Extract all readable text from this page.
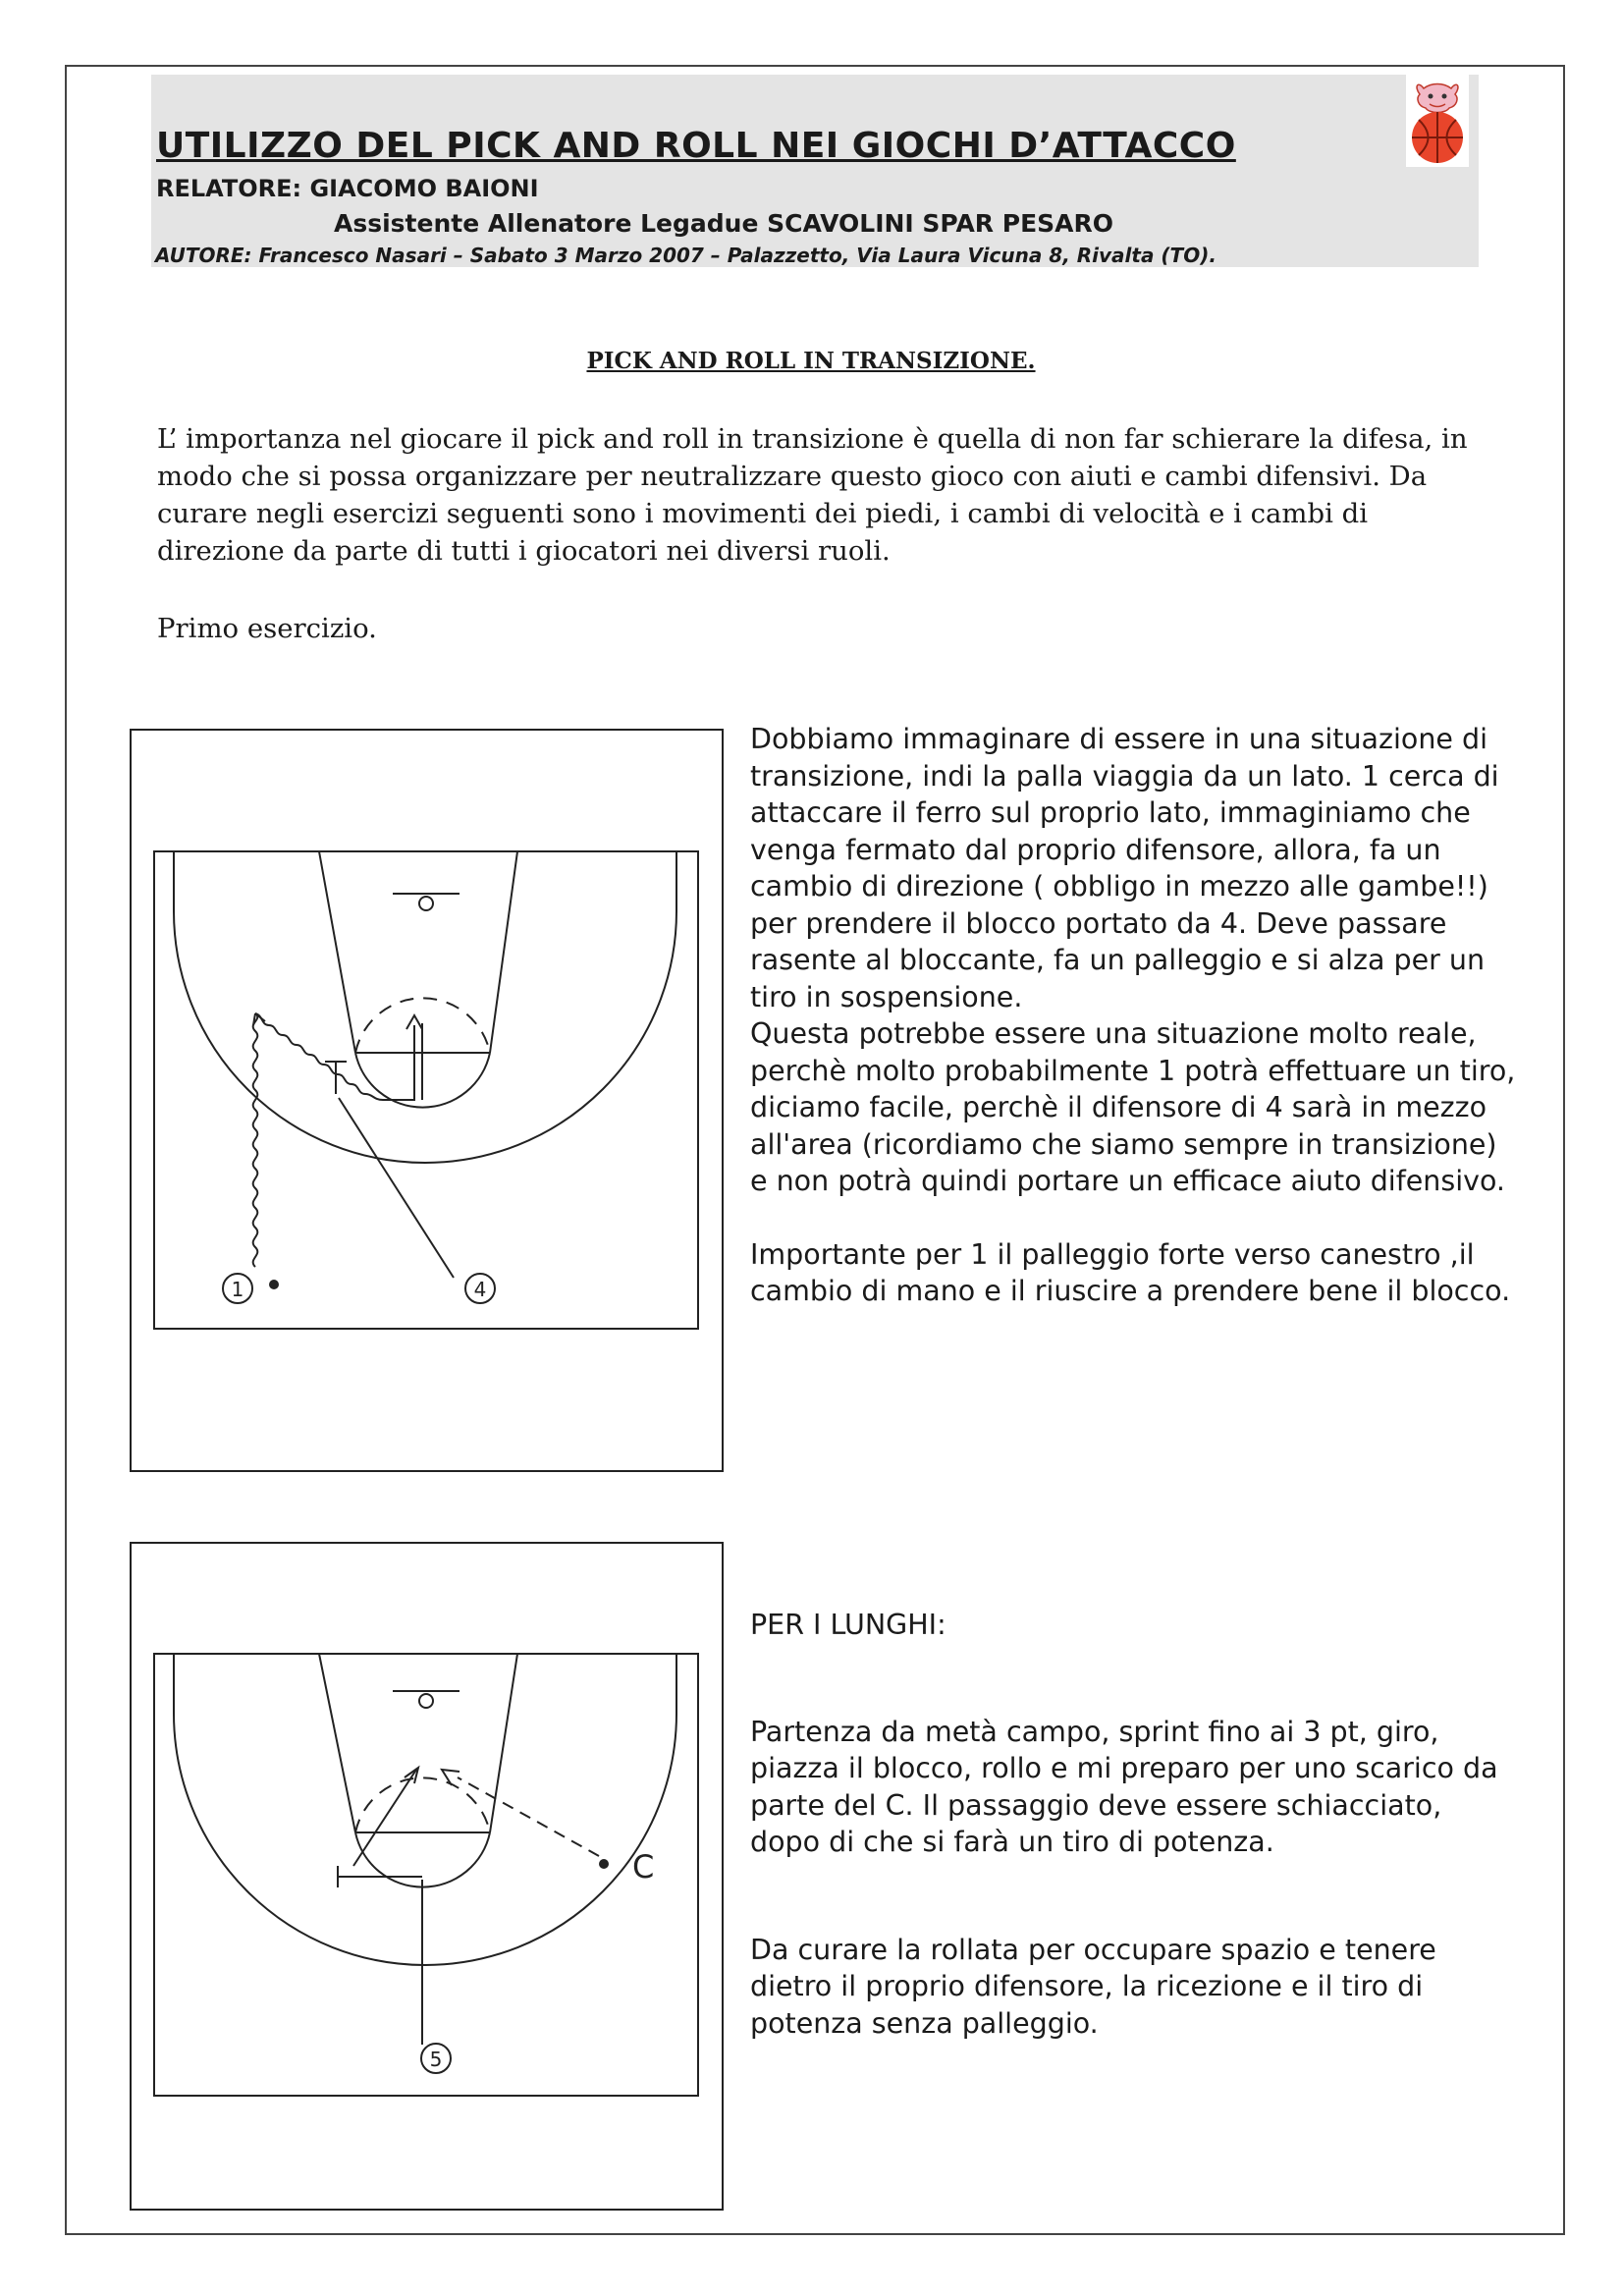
UTILIZZO DEL PICK AND ROLL NEI GIOCHI D’ATTACCO
RELATORE: GIACOMO BAIONI
Assistente Allenatore Legadue SCAVOLINI SPAR PESARO
AUTORE: Francesco Nasari – Sabato 3 Marzo 2007 – Palazzetto, Via Laura Vicuna 8, Rivalta (TO).
PICK AND ROLL IN TRANSIZIONE.

L’ importanza nel giocare il pick and roll in transizione è quella di non far schierare la difesa, in modo che si possa organizzare per neutralizzare questo gioco con aiuti e cambi difensivi. Da curare negli esercizi seguenti sono i movimenti dei piedi, i cambi di velocità e i cambi di direzione da parte di tutti i giocatori nei diversi ruoli.

Primo esercizio.

1	4

Dobbiamo immaginare di essere in una situazione di transizione, indi la palla viaggia da un lato. 1 cerca di attaccare il ferro sul proprio lato, immaginiamo che venga fermato dal proprio difensore, allora, fa un cambio di direzione ( obbligo in mezzo alle gambe!!) per prendere il blocco portato da 4. Deve passare rasente al bloccante, fa un palleggio e si alza per un tiro in sospensione.

Questa potrebbe essere una situazione molto reale, perchè molto probabilmente 1 potrà effettuare un tiro, diciamo facile, perchè il difensore di 4 sarà in mezzo all'area (ricordiamo che siamo sempre in transizione) e non potrà quindi portare un efficace aiuto difensivo.

Importante per 1 il palleggio forte verso canestro ,il cambio di mano e il riuscire a prendere bene il blocco.

5
C

PER I LUNGHI:

Partenza da metà campo, sprint fino ai 3 pt, giro, piazza il blocco, rollo e mi preparo per uno scarico da parte del C. Il passaggio deve essere schiacciato, dopo di che si farà un tiro di potenza.

Da curare la rollata per occupare spazio e tenere dietro il proprio difensore, la ricezione e il tiro di potenza senza palleggio.
